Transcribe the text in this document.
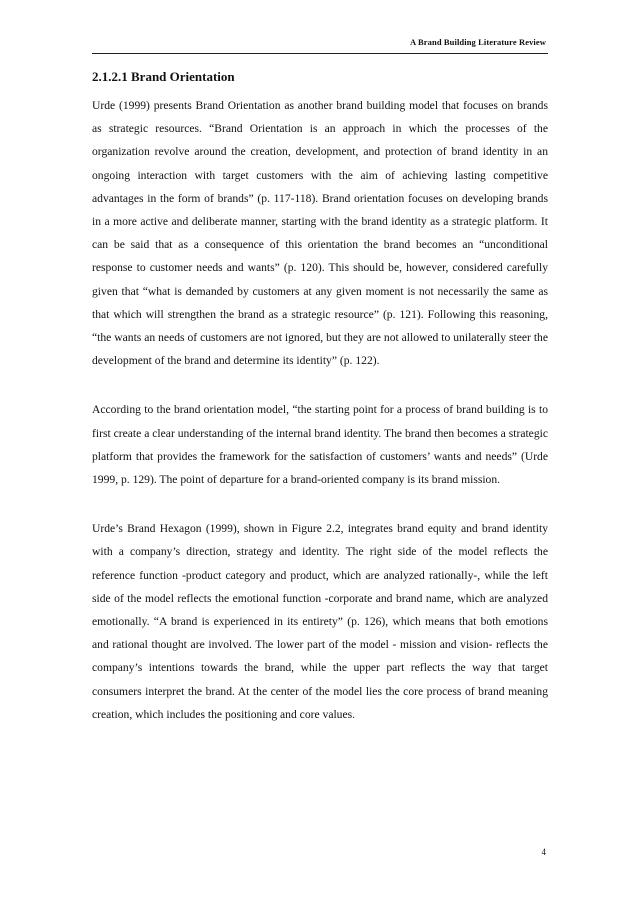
A Brand Building Literature Review
2.1.2.1 Brand Orientation

Urde (1999) presents Brand Orientation as another brand building model that focuses on brands as strategic resources. “Brand Orientation is an approach in which the processes of the organization revolve around the creation, development, and protection of brand identity in an ongoing interaction with target customers with the aim of achieving lasting competitive advantages in the form of brands” (p. 117-118). Brand orientation focuses on developing brands in a more active and deliberate manner, starting with the brand identity as a strategic platform. It can be said that as a consequence of this orientation the brand becomes an “unconditional response to customer needs and wants” (p. 120). This should be, however, considered carefully given that “what is demanded by customers at any given moment is not necessarily the same as that which will strengthen the brand as a strategic resource” (p. 121). Following this reasoning, “the wants an needs of customers are not ignored, but they are not allowed to unilaterally steer the development of the brand and determine its identity” (p. 122).

According to the brand orientation model, “the starting point for a process of brand building is to first create a clear understanding of the internal brand identity. The brand then becomes a strategic platform that provides the framework for the satisfaction of customers’ wants and needs” (Urde 1999, p. 129). The point of departure for a brand-oriented company is its brand mission.

Urde’s Brand Hexagon (1999), shown in Figure 2.2, integrates brand equity and brand identity with a company’s direction, strategy and identity. The right side of the model reflects the reference function -product category and product, which are analyzed rationally-, while the left side of the model reflects the emotional function -corporate and brand name, which are analyzed emotionally. “A brand is experienced in its entirety” (p. 126), which means that both emotions and rational thought are involved. The lower part of the model - mission and vision- reflects the company’s intentions towards the brand, while the upper part reflects the way that target consumers interpret the brand. At the center of the model lies the core process of brand meaning creation, which includes the positioning and core values.

4
